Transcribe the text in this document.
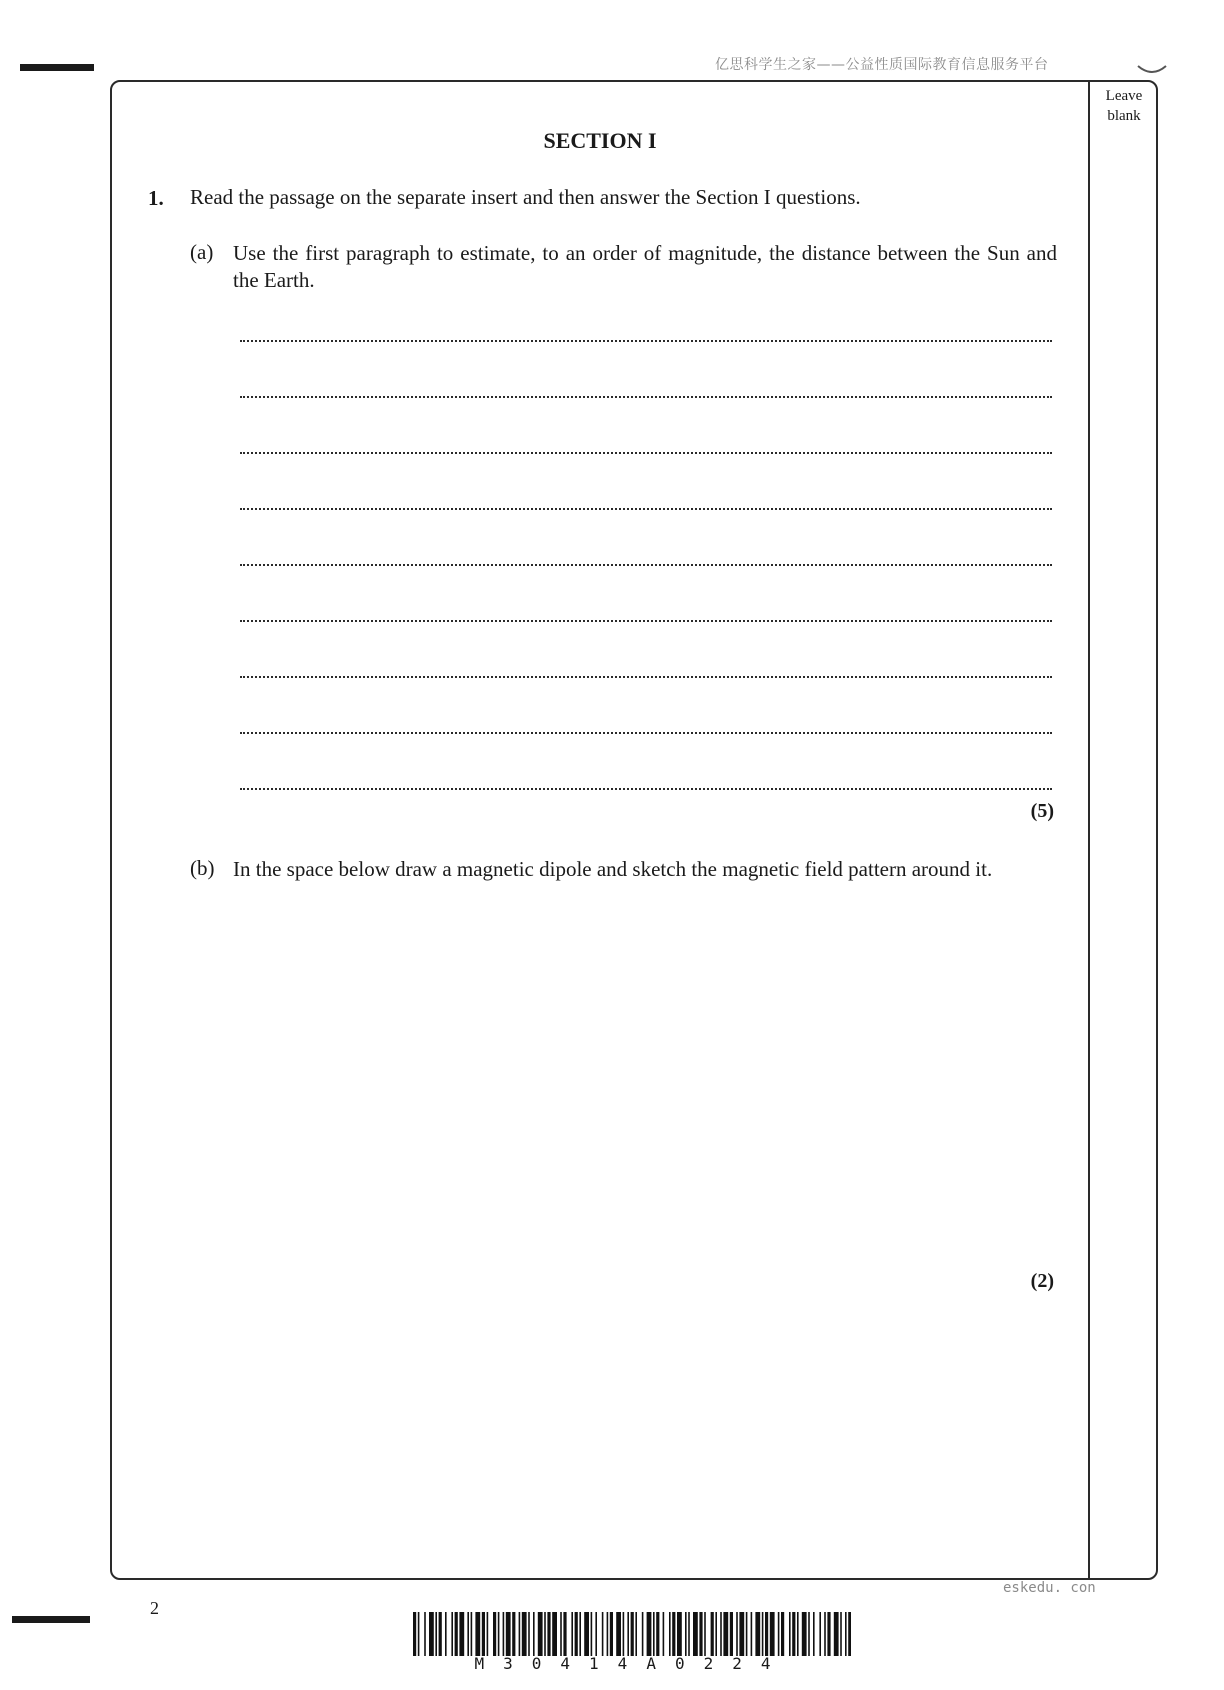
亿思科学生之家——公益性质国际教育信息服务平台
Leave blank
SECTION I
1. Read the passage on the separate insert and then answer the Section I questions.
(a) Use the first paragraph to estimate, to an order of magnitude, the distance between the Sun and the Earth.
(5)
(b) In the space below draw a magnetic dipole and sketch the magnetic field pattern around it.
(2)
eskedu. con
2
M30414A0224
